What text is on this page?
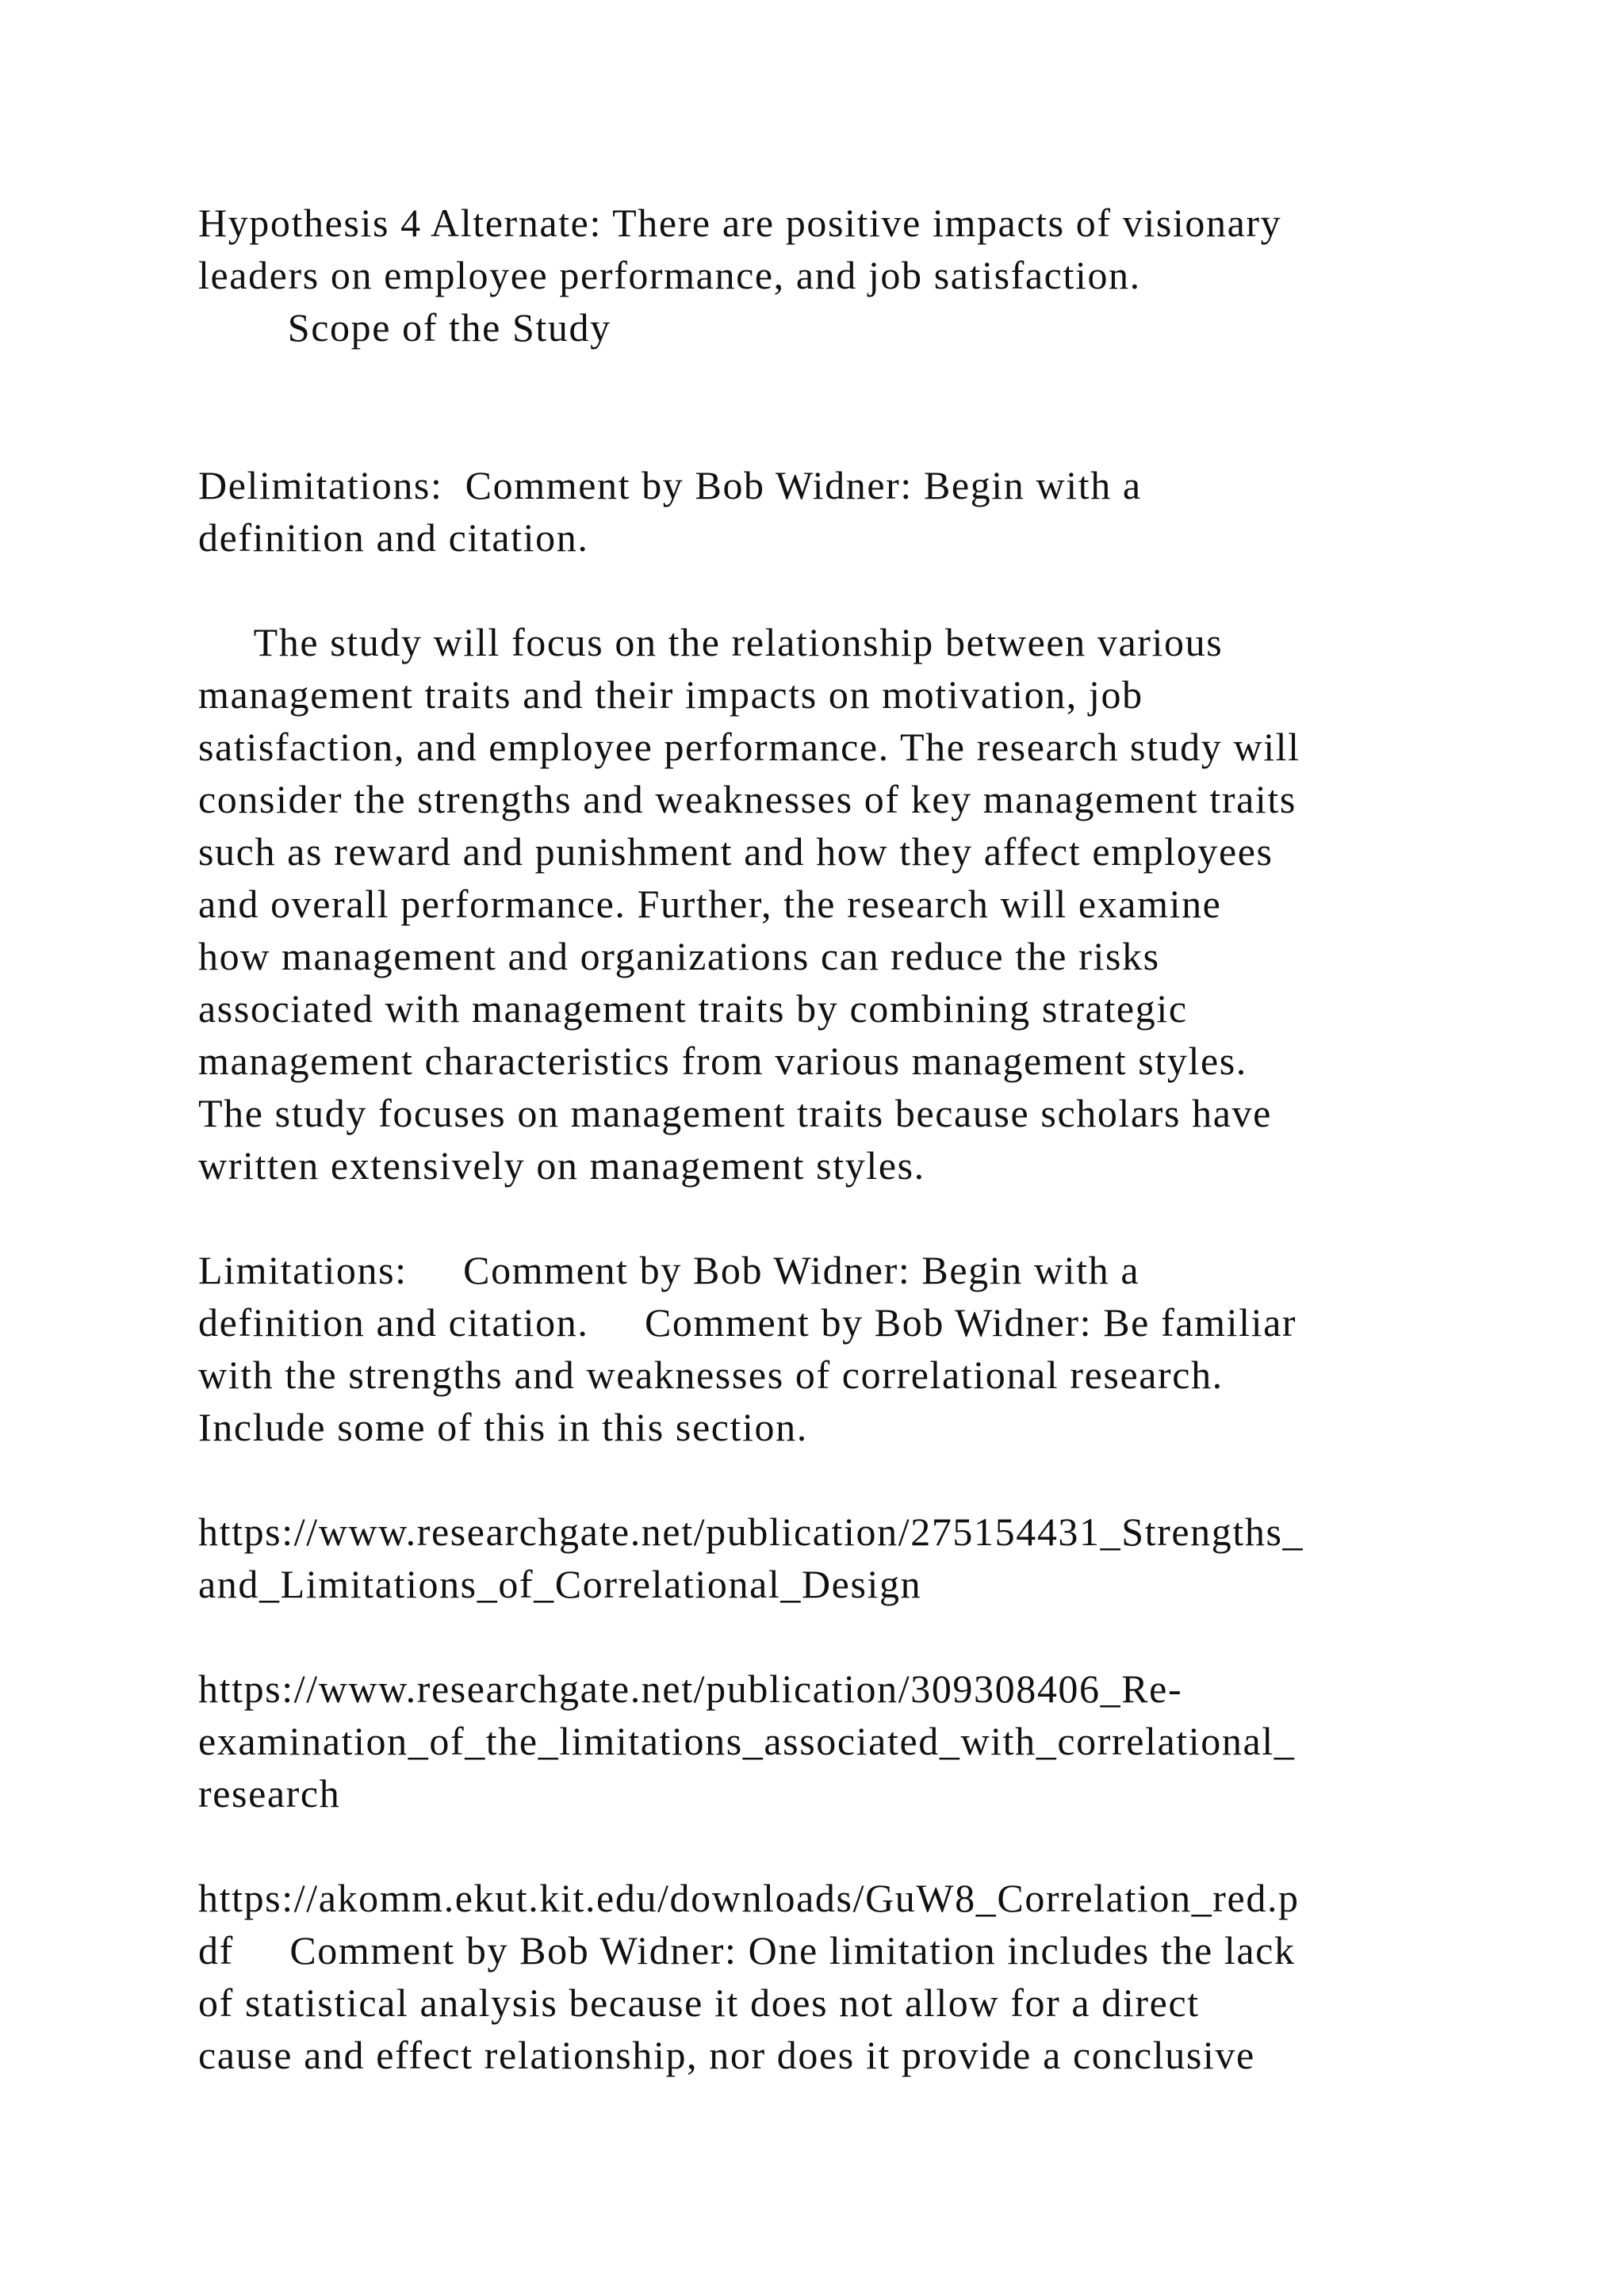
Hypothesis 4 Alternate: There are positive impacts of visionary
leaders on employee performance, and job satisfaction.
Scope of the Study
Delimitations:  Comment by Bob Widner: Begin with a
definition and citation.
The study will focus on the relationship between various
management traits and their impacts on motivation, job
satisfaction, and employee performance. The research study will
consider the strengths and weaknesses of key management traits
such as reward and punishment and how they affect employees
and overall performance. Further, the research will examine
how management and organizations can reduce the risks
associated with management traits by combining strategic
management characteristics from various management styles.
The study focuses on management traits because scholars have
written extensively on management styles.
Limitations:     Comment by Bob Widner: Begin with a
definition and citation.     Comment by Bob Widner: Be familiar
with the strengths and weaknesses of correlational research.
Include some of this in this section.
https://www.researchgate.net/publication/275154431_Strengths_
and_Limitations_of_Correlational_Design
https://www.researchgate.net/publication/309308406_Re-
examination_of_the_limitations_associated_with_correlational_
research
https://akomm.ekut.kit.edu/downloads/GuW8_Correlation_red.p
df     Comment by Bob Widner: One limitation includes the lack
of statistical analysis because it does not allow for a direct
cause and effect relationship, nor does it provide a conclusive
